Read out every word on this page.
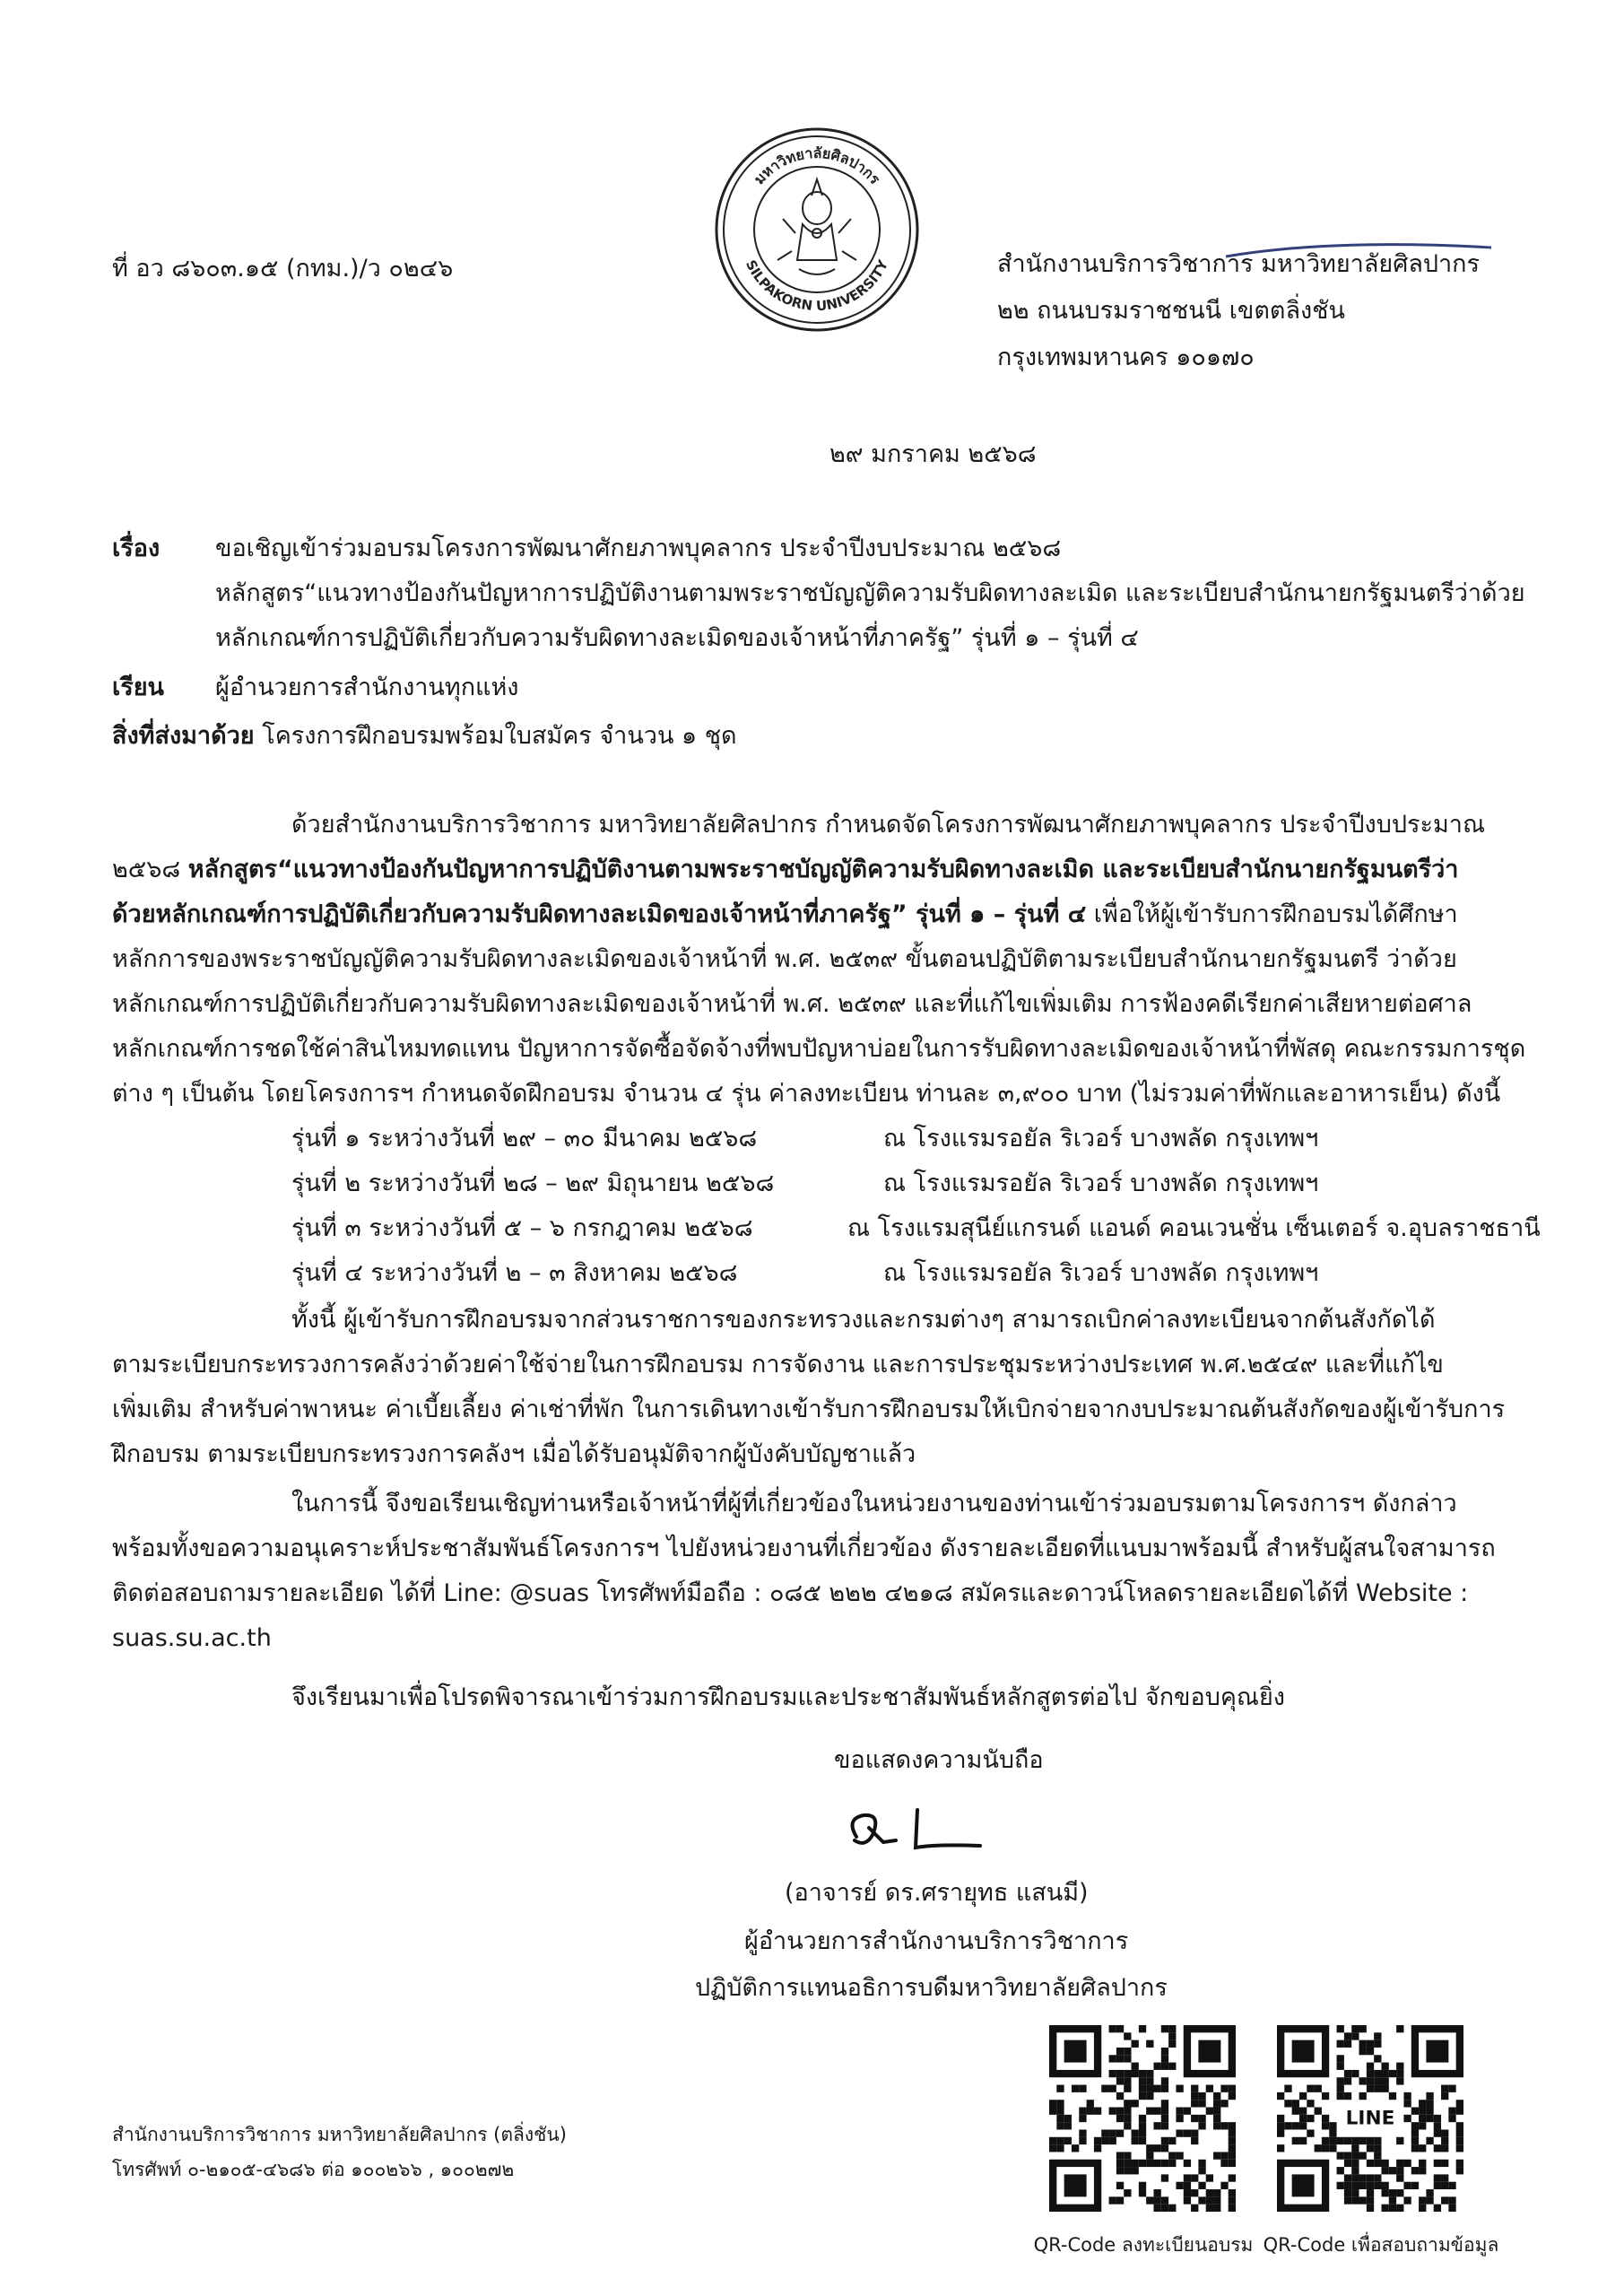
ที่ อว ๘๖๐๓.๑๕ (กทม.)/ว ๐๒๔๖
มหาวิทยาลัยศิลปากร
SILPAKORN UNIVERSITY	สำนักงานบริการวิชาการ มหาวิทยาลัยศิลปากร
๒๒ ถนนบรมราชชนนี เขตตลิ่งชัน
กรุงเทพมหานคร ๑๐๑๗๐
๒๙ มกราคม ๒๕๖๘
เรื่อง ขอเชิญเข้าร่วมอบรมโครงการพัฒนาศักยภาพบุคลากร ประจำปีงบประมาณ ๒๕๖๘
หลักสูตร“แนวทางป้องกันปัญหาการปฏิบัติงานตามพระราชบัญญัติความรับผิดทางละเมิด และระเบียบสำนักนายกรัฐมนตรีว่าด้วย
หลักเกณฑ์การปฏิบัติเกี่ยวกับความรับผิดทางละเมิดของเจ้าหน้าที่ภาครัฐ” รุ่นที่ ๑ – รุ่นที่ ๔
เรียน ผู้อำนวยการสำนักงานทุกแห่ง
สิ่งที่ส่งมาด้วย โครงการฝึกอบรมพร้อมใบสมัคร จำนวน ๑ ชุด
ด้วยสำนักงานบริการวิชาการ มหาวิทยาลัยศิลปากร กำหนดจัดโครงการพัฒนาศักยภาพบุคลากร ประจำปีงบประมาณ
๒๕๖๘ หลักสูตร“แนวทางป้องกันปัญหาการปฏิบัติงานตามพระราชบัญญัติความรับผิดทางละเมิด และระเบียบสำนักนายกรัฐมนตรีว่า
ด้วยหลักเกณฑ์การปฏิบัติเกี่ยวกับความรับผิดทางละเมิดของเจ้าหน้าที่ภาครัฐ” รุ่นที่ ๑ – รุ่นที่ ๔ เพื่อให้ผู้เข้ารับการฝึกอบรมได้ศึกษา
หลักการของพระราชบัญญัติความรับผิดทางละเมิดของเจ้าหน้าที่ พ.ศ. ๒๕๓๙ ขั้นตอนปฏิบัติตามระเบียบสำนักนายกรัฐมนตรี ว่าด้วย
หลักเกณฑ์การปฏิบัติเกี่ยวกับความรับผิดทางละเมิดของเจ้าหน้าที่ พ.ศ. ๒๕๓๙ และที่แก้ไขเพิ่มเติม การฟ้องคดีเรียกค่าเสียหายต่อศาล
หลักเกณฑ์การชดใช้ค่าสินไหมทดแทน ปัญหาการจัดซื้อจัดจ้างที่พบปัญหาบ่อยในการรับผิดทางละเมิดของเจ้าหน้าที่พัสดุ คณะกรรมการชุด
ต่าง ๆ เป็นต้น โดยโครงการฯ กำหนดจัดฝึกอบรม จำนวน ๔ รุ่น ค่าลงทะเบียน ท่านละ ๓,๙๐๐ บาท (ไม่รวมค่าที่พักและอาหารเย็น) ดังนี้
รุ่นที่ ๑ ระหว่างวันที่ ๒๙ – ๓๐ มีนาคม ๒๕๖๘	ณ โรงแรมรอยัล ริเวอร์ บางพลัด กรุงเทพฯ
รุ่นที่ ๒ ระหว่างวันที่ ๒๘ – ๒๙ มิถุนายน ๒๕๖๘	ณ โรงแรมรอยัล ริเวอร์ บางพลัด กรุงเทพฯ
รุ่นที่ ๓ ระหว่างวันที่ ๕ – ๖ กรกฎาคม ๒๕๖๘	ณ โรงแรมสุนีย์แกรนด์ แอนด์ คอนเวนชั่น เซ็นเตอร์ จ.อุบลราชธานี
รุ่นที่ ๔ ระหว่างวันที่ ๒ – ๓ สิงหาคม ๒๕๖๘	ณ โรงแรมรอยัล ริเวอร์ บางพลัด กรุงเทพฯ
ทั้งนี้ ผู้เข้ารับการฝึกอบรมจากส่วนราชการของกระทรวงและกรมต่างๆ สามารถเบิกค่าลงทะเบียนจากต้นสังกัดได้
ตามระเบียบกระทรวงการคลังว่าด้วยค่าใช้จ่ายในการฝึกอบรม การจัดงาน และการประชุมระหว่างประเทศ พ.ศ.๒๕๔๙ และที่แก้ไข
เพิ่มเติม สำหรับค่าพาหนะ ค่าเบี้ยเลี้ยง ค่าเช่าที่พัก ในการเดินทางเข้ารับการฝึกอบรมให้เบิกจ่ายจากงบประมาณต้นสังกัดของผู้เข้ารับการ
ฝึกอบรม ตามระเบียบกระทรวงการคลังฯ เมื่อได้รับอนุมัติจากผู้บังคับบัญชาแล้ว
ในการนี้ จึงขอเรียนเชิญท่านหรือเจ้าหน้าที่ผู้ที่เกี่ยวข้องในหน่วยงานของท่านเข้าร่วมอบรมตามโครงการฯ ดังกล่าว
พร้อมทั้งขอความอนุเคราะห์ประชาสัมพันธ์โครงการฯ ไปยังหน่วยงานที่เกี่ยวข้อง ดังรายละเอียดที่แนบมาพร้อมนี้ สำหรับผู้สนใจสามารถ
ติดต่อสอบถามรายละเอียด ได้ที่ Line: @suas โทรศัพท์มือถือ : ๐๘๕ ๒๒๒ ๔๒๑๘ สมัครและดาวน์โหลดรายละเอียดได้ที่ Website :
suas.su.ac.th
จึงเรียนมาเพื่อโปรดพิจารณาเข้าร่วมการฝึกอบรมและประชาสัมพันธ์หลักสูตรต่อไป จักขอบคุณยิ่ง
ขอแสดงความนับถือ
(อาจารย์ ดร.ศรายุทธ แสนมี)
ผู้อำนวยการสำนักงานบริการวิชาการ
ปฏิบัติการแทนอธิการบดีมหาวิทยาลัยศิลปากร
สำนักงานบริการวิชาการ มหาวิทยาลัยศิลปากร (ตลิ่งชัน)
โทรศัพท์ ๐-๒๑๐๕-๔๖๘๖ ต่อ ๑๐๐๒๖๖ , ๑๐๐๒๗๒
LINE
QR-Code ลงทะเบียนอบรม QR-Code เพื่อสอบถามข้อมูล
